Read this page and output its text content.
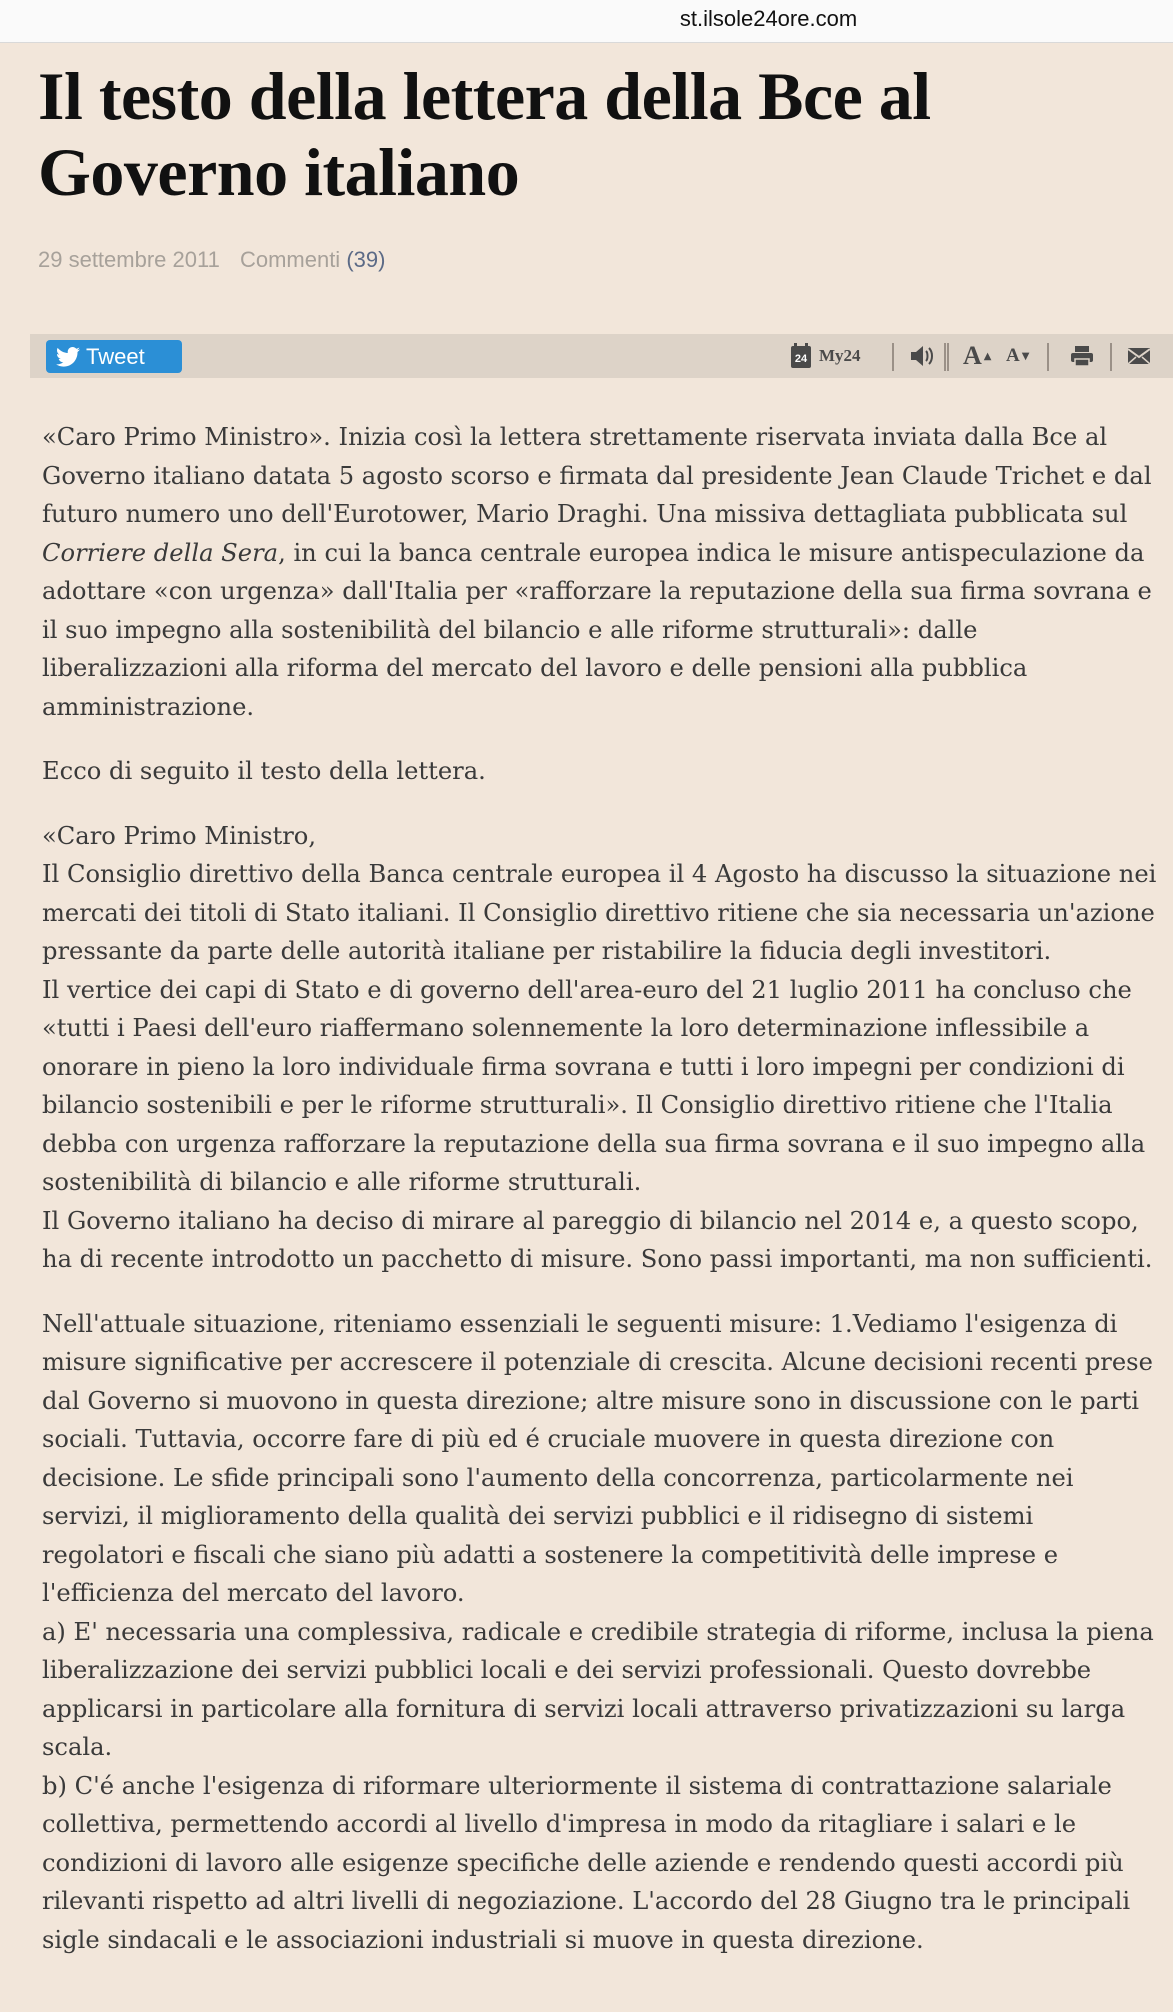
st.ilsole24ore.com
Il testo della lettera della Bce al
Governo italiano
29 settembre 2011 Commenti (39)
Tweet	24 My24	A ▲ A ▼

«Caro Primo Ministro». Inizia così la lettera strettamente riservata inviata dalla Bce al Governo italiano datata 5 agosto scorso e firmata dal presidente Jean Claude Trichet e dal futuro numero uno dell'Eurotower, Mario Draghi. Una missiva dettagliata pubblicata sul Corriere della Sera, in cui la banca centrale europea indica le misure antispeculazione da adottare «con urgenza» dall'Italia per «rafforzare la reputazione della sua firma sovrana e il suo impegno alla sostenibilità del bilancio e alle riforme strutturali»: dalle liberalizzazioni alla riforma del mercato del lavoro e delle pensioni alla pubblica amministrazione.

Ecco di seguito il testo della lettera.

«Caro Primo Ministro,
Il Consiglio direttivo della Banca centrale europea il 4 Agosto ha discusso la situazione nei mercati dei titoli di Stato italiani. Il Consiglio direttivo ritiene che sia necessaria un'azione pressante da parte delle autorità italiane per ristabilire la fiducia degli investitori.
Il vertice dei capi di Stato e di governo dell'area-euro del 21 luglio 2011 ha concluso che «tutti i Paesi dell'euro riaffermano solennemente la loro determinazione inflessibile a onorare in pieno la loro individuale firma sovrana e tutti i loro impegni per condizioni di bilancio sostenibili e per le riforme strutturali». Il Consiglio direttivo ritiene che l'Italia debba con urgenza rafforzare la reputazione della sua firma sovrana e il suo impegno alla sostenibilità di bilancio e alle riforme strutturali.
Il Governo italiano ha deciso di mirare al pareggio di bilancio nel 2014 e, a questo scopo, ha di recente introdotto un pacchetto di misure. Sono passi importanti, ma non sufficienti.

Nell'attuale situazione, riteniamo essenziali le seguenti misure: 1.Vediamo l'esigenza di misure significative per accrescere il potenziale di crescita. Alcune decisioni recenti prese dal Governo si muovono in questa direzione; altre misure sono in discussione con le parti sociali. Tuttavia, occorre fare di più ed é cruciale muovere in questa direzione con decisione. Le sfide principali sono l'aumento della concorrenza, particolarmente nei servizi, il miglioramento della qualità dei servizi pubblici e il ridisegno di sistemi regolatori e fiscali che siano più adatti a sostenere la competitività delle imprese e l'efficienza del mercato del lavoro.
a) E' necessaria una complessiva, radicale e credibile strategia di riforme, inclusa la piena liberalizzazione dei servizi pubblici locali e dei servizi professionali. Questo dovrebbe applicarsi in particolare alla fornitura di servizi locali attraverso privatizzazioni su larga scala.
b) C'é anche l'esigenza di riformare ulteriormente il sistema di contrattazione salariale collettiva, permettendo accordi al livello d'impresa in modo da ritagliare i salari e le condizioni di lavoro alle esigenze specifiche delle aziende e rendendo questi accordi più rilevanti rispetto ad altri livelli di negoziazione. L'accordo del 28 Giugno tra le principali sigle sindacali e le associazioni industriali si muove in questa direzione.
